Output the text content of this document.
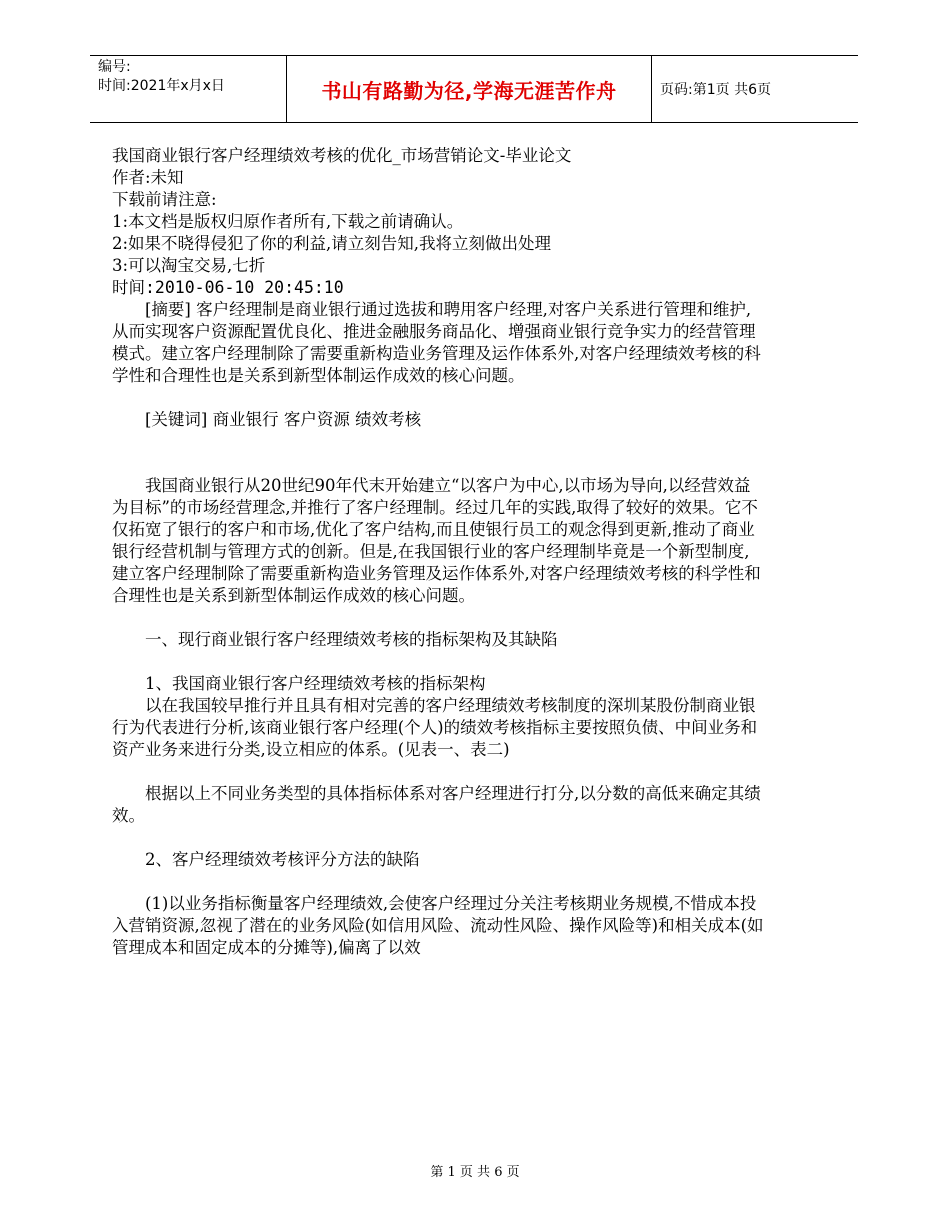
编号:
时间:2021年x月x日	书山有路勤为径,学海无涯苦作舟	页码:第1页 共6页

我国商业银行客户经理绩效考核的优化_市场营销论文-毕业论文

作者:未知

下载前请注意:

1:本文档是版权归原作者所有,下载之前请确认。

2:如果不晓得侵犯了你的利益,请立刻告知,我将立刻做出处理

3:可以淘宝交易,七折

时间:2010-06-10 20:45:10

[摘要] 客户经理制是商业银行通过选拔和聘用客户经理,对客户关系进行管理和维护,从而实现客户资源配置优良化、推进金融服务商品化、增强商业银行竞争实力的经营管理模式。建立客户经理制除了需要重新构造业务管理及运作体系外,对客户经理绩效考核的科学性和合理性也是关系到新型体制运作成效的核心问题。

[关键词] 商业银行 客户资源 绩效考核

我国商业银行从20世纪90年代末开始建立“以客户为中心,以市场为导向,以经营效益为目标”的市场经营理念,并推行了客户经理制。经过几年的实践,取得了较好的效果。它不仅拓宽了银行的客户和市场,优化了客户结构,而且使银行员工的观念得到更新,推动了商业银行经营机制与管理方式的创新。但是,在我国银行业的客户经理制毕竟是一个新型制度,建立客户经理制除了需要重新构造业务管理及运作体系外,对客户经理绩效考核的科学性和合理性也是关系到新型体制运作成效的核心问题。

一、现行商业银行客户经理绩效考核的指标架构及其缺陷

1、我国商业银行客户经理绩效考核的指标架构

以在我国较早推行并且具有相对完善的客户经理绩效考核制度的深圳某股份制商业银行为代表进行分析,该商业银行客户经理(个人)的绩效考核指标主要按照负债、中间业务和资产业务来进行分类,设立相应的体系。(见表一、表二)

根据以上不同业务类型的具体指标体系对客户经理进行打分,以分数的高低来确定其绩效。

2、客户经理绩效考核评分方法的缺陷

(1)以业务指标衡量客户经理绩效,会使客户经理过分关注考核期业务规模,不惜成本投入营销资源,忽视了潜在的业务风险(如信用风险、流动性风险、操作风险等)和相关成本(如管理成本和固定成本的分摊等),偏离了以效

第 1 页 共 6 页
